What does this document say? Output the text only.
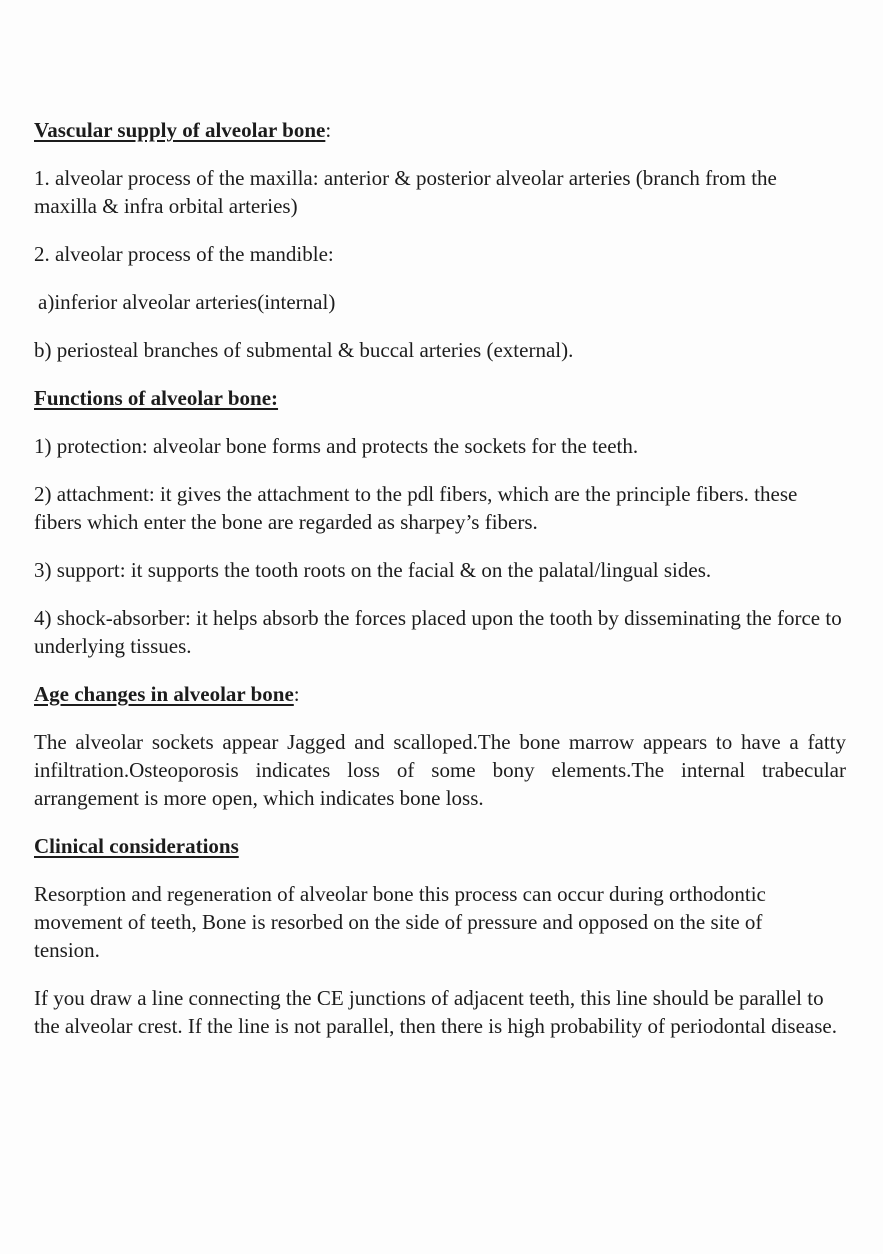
Vascular supply of alveolar bone:

1. alveolar process of the maxilla: anterior & posterior alveolar arteries (branch from the maxilla & infra orbital arteries)

2. alveolar process of the mandible:

a)inferior alveolar arteries(internal)

b) periosteal branches of submental & buccal arteries (external).

Functions of alveolar bone:

1) protection: alveolar bone forms and protects the sockets for the teeth.

2) attachment: it gives the attachment to the pdl fibers, which are the principle fibers. these fibers which enter the bone are regarded as sharpey’s fibers.

3) support: it supports the tooth roots on the facial & on the palatal/lingual sides.

4) shock-absorber: it helps absorb the forces placed upon the tooth by disseminating the force to underlying tissues.

Age changes in alveolar bone:

The alveolar sockets appear Jagged and scalloped.The bone marrow appears to have a fatty infiltration.Osteoporosis indicates loss of some bony elements.The internal trabecular arrangement is more open, which indicates bone loss.

Clinical considerations

Resorption and regeneration of alveolar bone this process can occur during orthodontic movement of teeth, Bone is resorbed on the side of pressure and opposed on the site of tension.

If you draw a line connecting the CE junctions of adjacent teeth, this line should be parallel to the alveolar crest. If the line is not parallel, then there is high probability of periodontal disease.
